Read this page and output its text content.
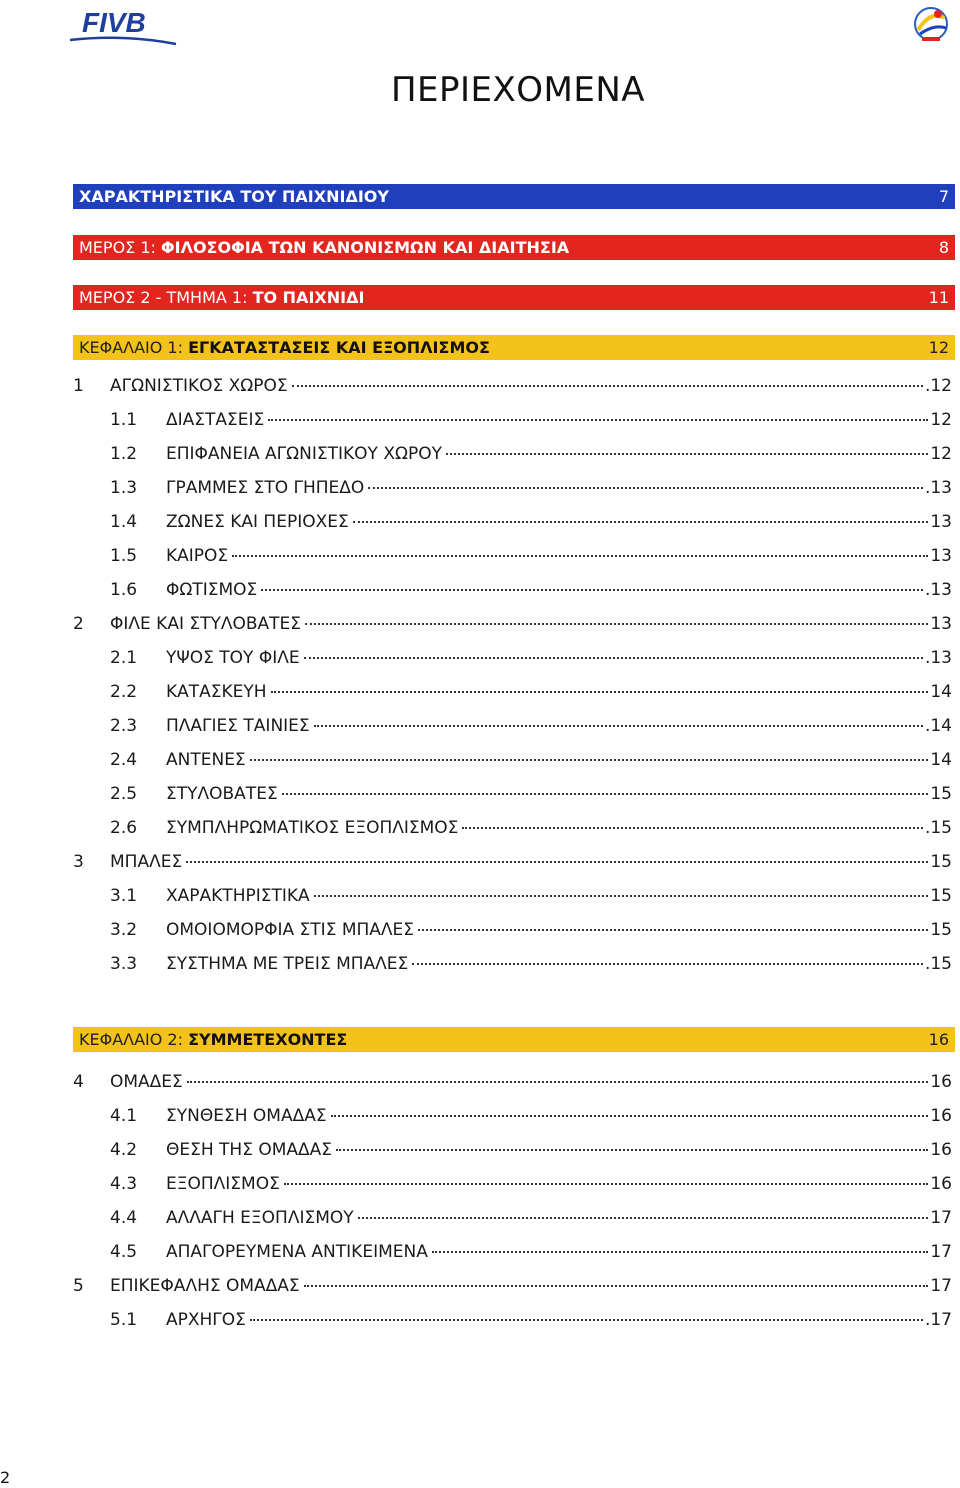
FIVB
ΠΕΡΙΕΧΟΜΕΝΑ
ΧΑΡΑΚΤΗΡΙΣΤΙΚΑ ΤΟΥ ΠΑΙΧΝΙΔΙΟΥ	7
ΜΕΡΟΣ 1: ΦΙΛΟΣΟΦΙΑ ΤΩΝ ΚΑΝΟΝΙΣΜΩΝ ΚΑΙ ΔΙΑΙΤΗΣΙΑ	8
ΜΕΡΟΣ 2 - ΤΜΗΜΑ 1: ΤΟ ΠΑΙΧΝΙΔΙ	11
ΚΕΦΑΛΑΙΟ 1: ΕΓΚΑΤΑΣΤΑΣΕΙΣ ΚΑΙ ΕΞΟΠΛΙΣΜΟΣ	12
1	ΑΓΩΝΙΣΤΙΚΟΣ ΧΩΡΟΣ	.12
1.1	ΔΙΑΣΤΑΣΕΙΣ	12
1.2	ΕΠΙΦΑΝΕΙΑ ΑΓΩΝΙΣΤΙΚΟΥ ΧΩΡΟΥ	12
1.3	ΓΡΑΜΜΕΣ ΣΤΟ ΓΗΠΕΔΟ	.13
1.4	ΖΩΝΕΣ ΚΑΙ ΠΕΡΙΟΧΕΣ	13
1.5	ΚΑΙΡΟΣ	13
1.6	ΦΩΤΙΣΜΟΣ	.13
2	ΦΙΛΕ ΚΑΙ ΣΤΥΛΟΒΑΤΕΣ	13
2.1	ΥΨΟΣ ΤΟΥ ΦΙΛΕ	.13
2.2	ΚΑΤΑΣΚΕΥΗ	14
2.3	ΠΛΑΓΙΕΣ ΤΑΙΝΙΕΣ	.14
2.4	ΑΝΤΕΝΕΣ	14
2.5	ΣΤΥΛΟΒΑΤΕΣ	15
2.6	ΣΥΜΠΛΗΡΩΜΑΤΙΚΟΣ ΕΞΟΠΛΙΣΜΟΣ	.15
3	ΜΠΑΛΕΣ	15
3.1	ΧΑΡΑΚΤΗΡΙΣΤΙΚΑ	15
3.2	ΟΜΟΙΟΜΟΡΦΙΑ ΣΤΙΣ ΜΠΑΛΕΣ	15
3.3	ΣΥΣΤΗΜΑ ΜΕ ΤΡΕΙΣ ΜΠΑΛΕΣ	.15
ΚΕΦΑΛΑΙΟ 2: ΣΥΜΜΕΤΕΧΟΝΤΕΣ	16
4	ΟΜΑΔΕΣ	16
4.1	ΣΥΝΘΕΣΗ ΟΜΑΔΑΣ	16
4.2	ΘΕΣΗ ΤΗΣ ΟΜΑΔΑΣ	16
4.3	ΕΞΟΠΛΙΣΜΟΣ	16
4.4	ΑΛΛΑΓΗ ΕΞΟΠΛΙΣΜΟΥ	17
4.5	ΑΠΑΓΟΡΕΥΜΕΝΑ ΑΝΤΙΚΕΙΜΕΝΑ	17
5	ΕΠΙΚΕΦΑΛΗΣ ΟΜΑΔΑΣ	17
5.1	ΑΡΧΗΓΟΣ	.17
2
